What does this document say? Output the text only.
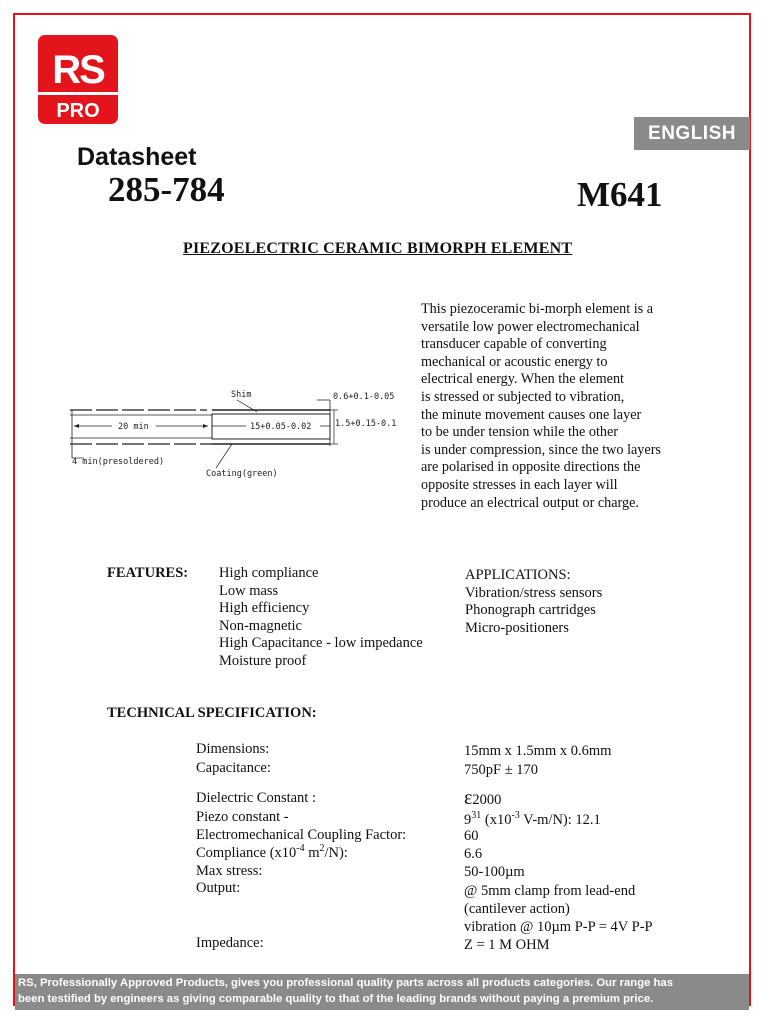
RS
PRO
ENGLISH
Datasheet
285-784	M641
PIEZOELECTRIC CERAMIC BIMORPH ELEMENT
This piezoceramic bi-morph element is a
versatile low power electromechanical
transducer capable of converting
mechanical or acoustic energy to
electrical energy. When the element
is stressed or subjected to vibration,
the minute movement causes one layer
to be under tension while the other
is under compression, since the two layers
are polarised in opposite directions the
opposite stresses in each layer will
produce an electrical output or charge.
Shim	0.6+0.1-0.05
20 min	15+0.05-0.02	1.5+0.15-0.1
4 min(presoldered)
Coating(green)
FEATURES: High compliance
Low mass
High efficiency
Non-magnetic
High Capacitance - low impedance
Moisture proof
APPLICATIONS:
Vibration/stress sensors
Phonograph cartridges
Micro-positioners
TECHNICAL SPECIFICATION:
Dimensions:	15mm x 1.5mm x 0.6mm
Capacitance:	750pF ± 170
Dielectric Constant :	ε2000
Piezo constant -	$9^{31}$ ($x10^{-3}$ V-m/N): 12.1
Electromechanical Coupling Factor:	60
Compliance ($x10^{-4}$ $m^2/N$):	6.6
Max stress:	50-100µm
Output:	@ 5mm clamp from lead-end
(cantilever action)
vibration @ 10µm P-P = 4V P-P
Impedance:	Z = 1 M OHM
RS, Professionally Approved Products, gives you professional quality parts across all products categories. Our range has
been testified by engineers as giving comparable quality to that of the leading brands without paying a premium price.
